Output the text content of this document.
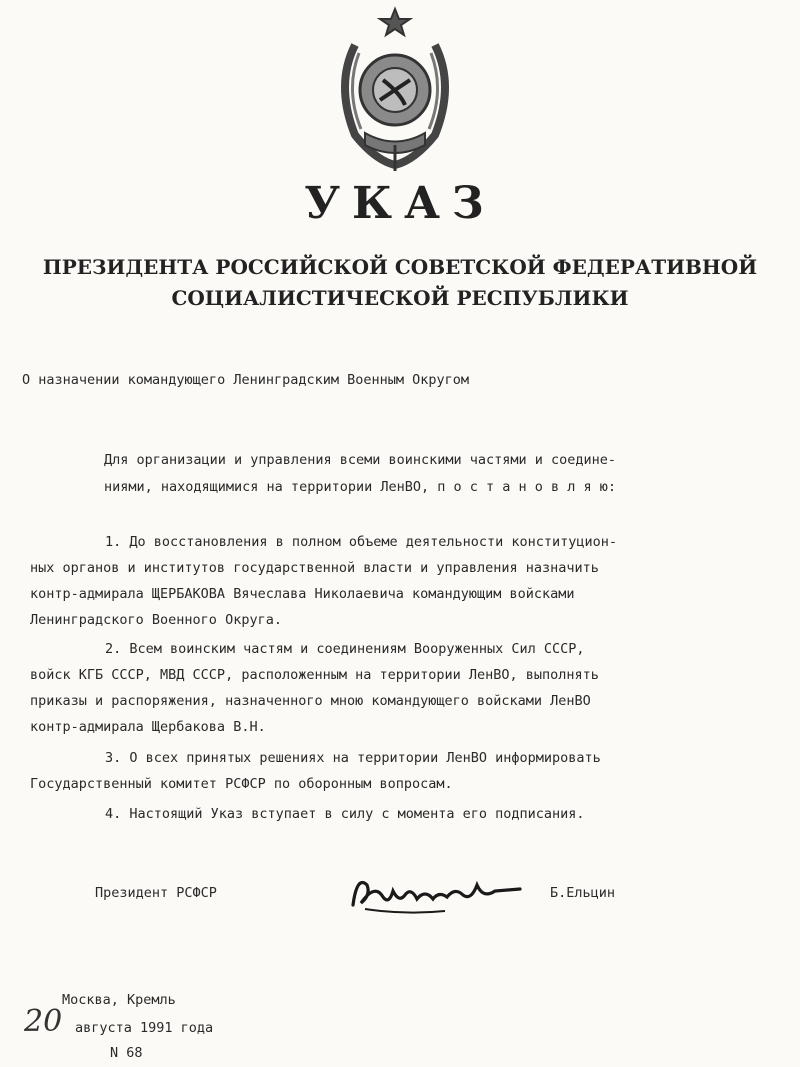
УКАЗ
ПРЕЗИДЕНТА РОССИЙСКОЙ СОВЕТСКОЙ ФЕДЕРАТИВНОЙ
СОЦИАЛИСТИЧЕСКОЙ РЕСПУБЛИКИ
О назначении командующего Ленинградским Военным Округом
Для организации и управления всеми воинскими частями и соедине-
ниями, находящимися на территории ЛенВО, п о с т а н о в л я ю:
1. До восстановления в полном объеме деятельности конституцион-
ных органов и институтов государственной власти и управления назначить
контр-адмирала ЩЕРБАКОВА Вячеслава Николаевича командующим войсками
Ленинградского Военного Округа.
2. Всем воинским частям и соединениям Вооруженных Сил СССР,
войск КГБ СССР, МВД СССР, расположенным на территории ЛенВО, выполнять
приказы и распоряжения, назначенного мною командующего войсками ЛенВО
контр-адмирала Щербакова В.Н.
3. О всех принятых решениях на территории ЛенВО информировать
Государственный комитет РСФСР по оборонным вопросам.
4. Настоящий Указ вступает в силу с момента его подписания.
Президент РСФСР	Б.Ельцин
Москва, Кремль
20 августа 1991 года
N 68
